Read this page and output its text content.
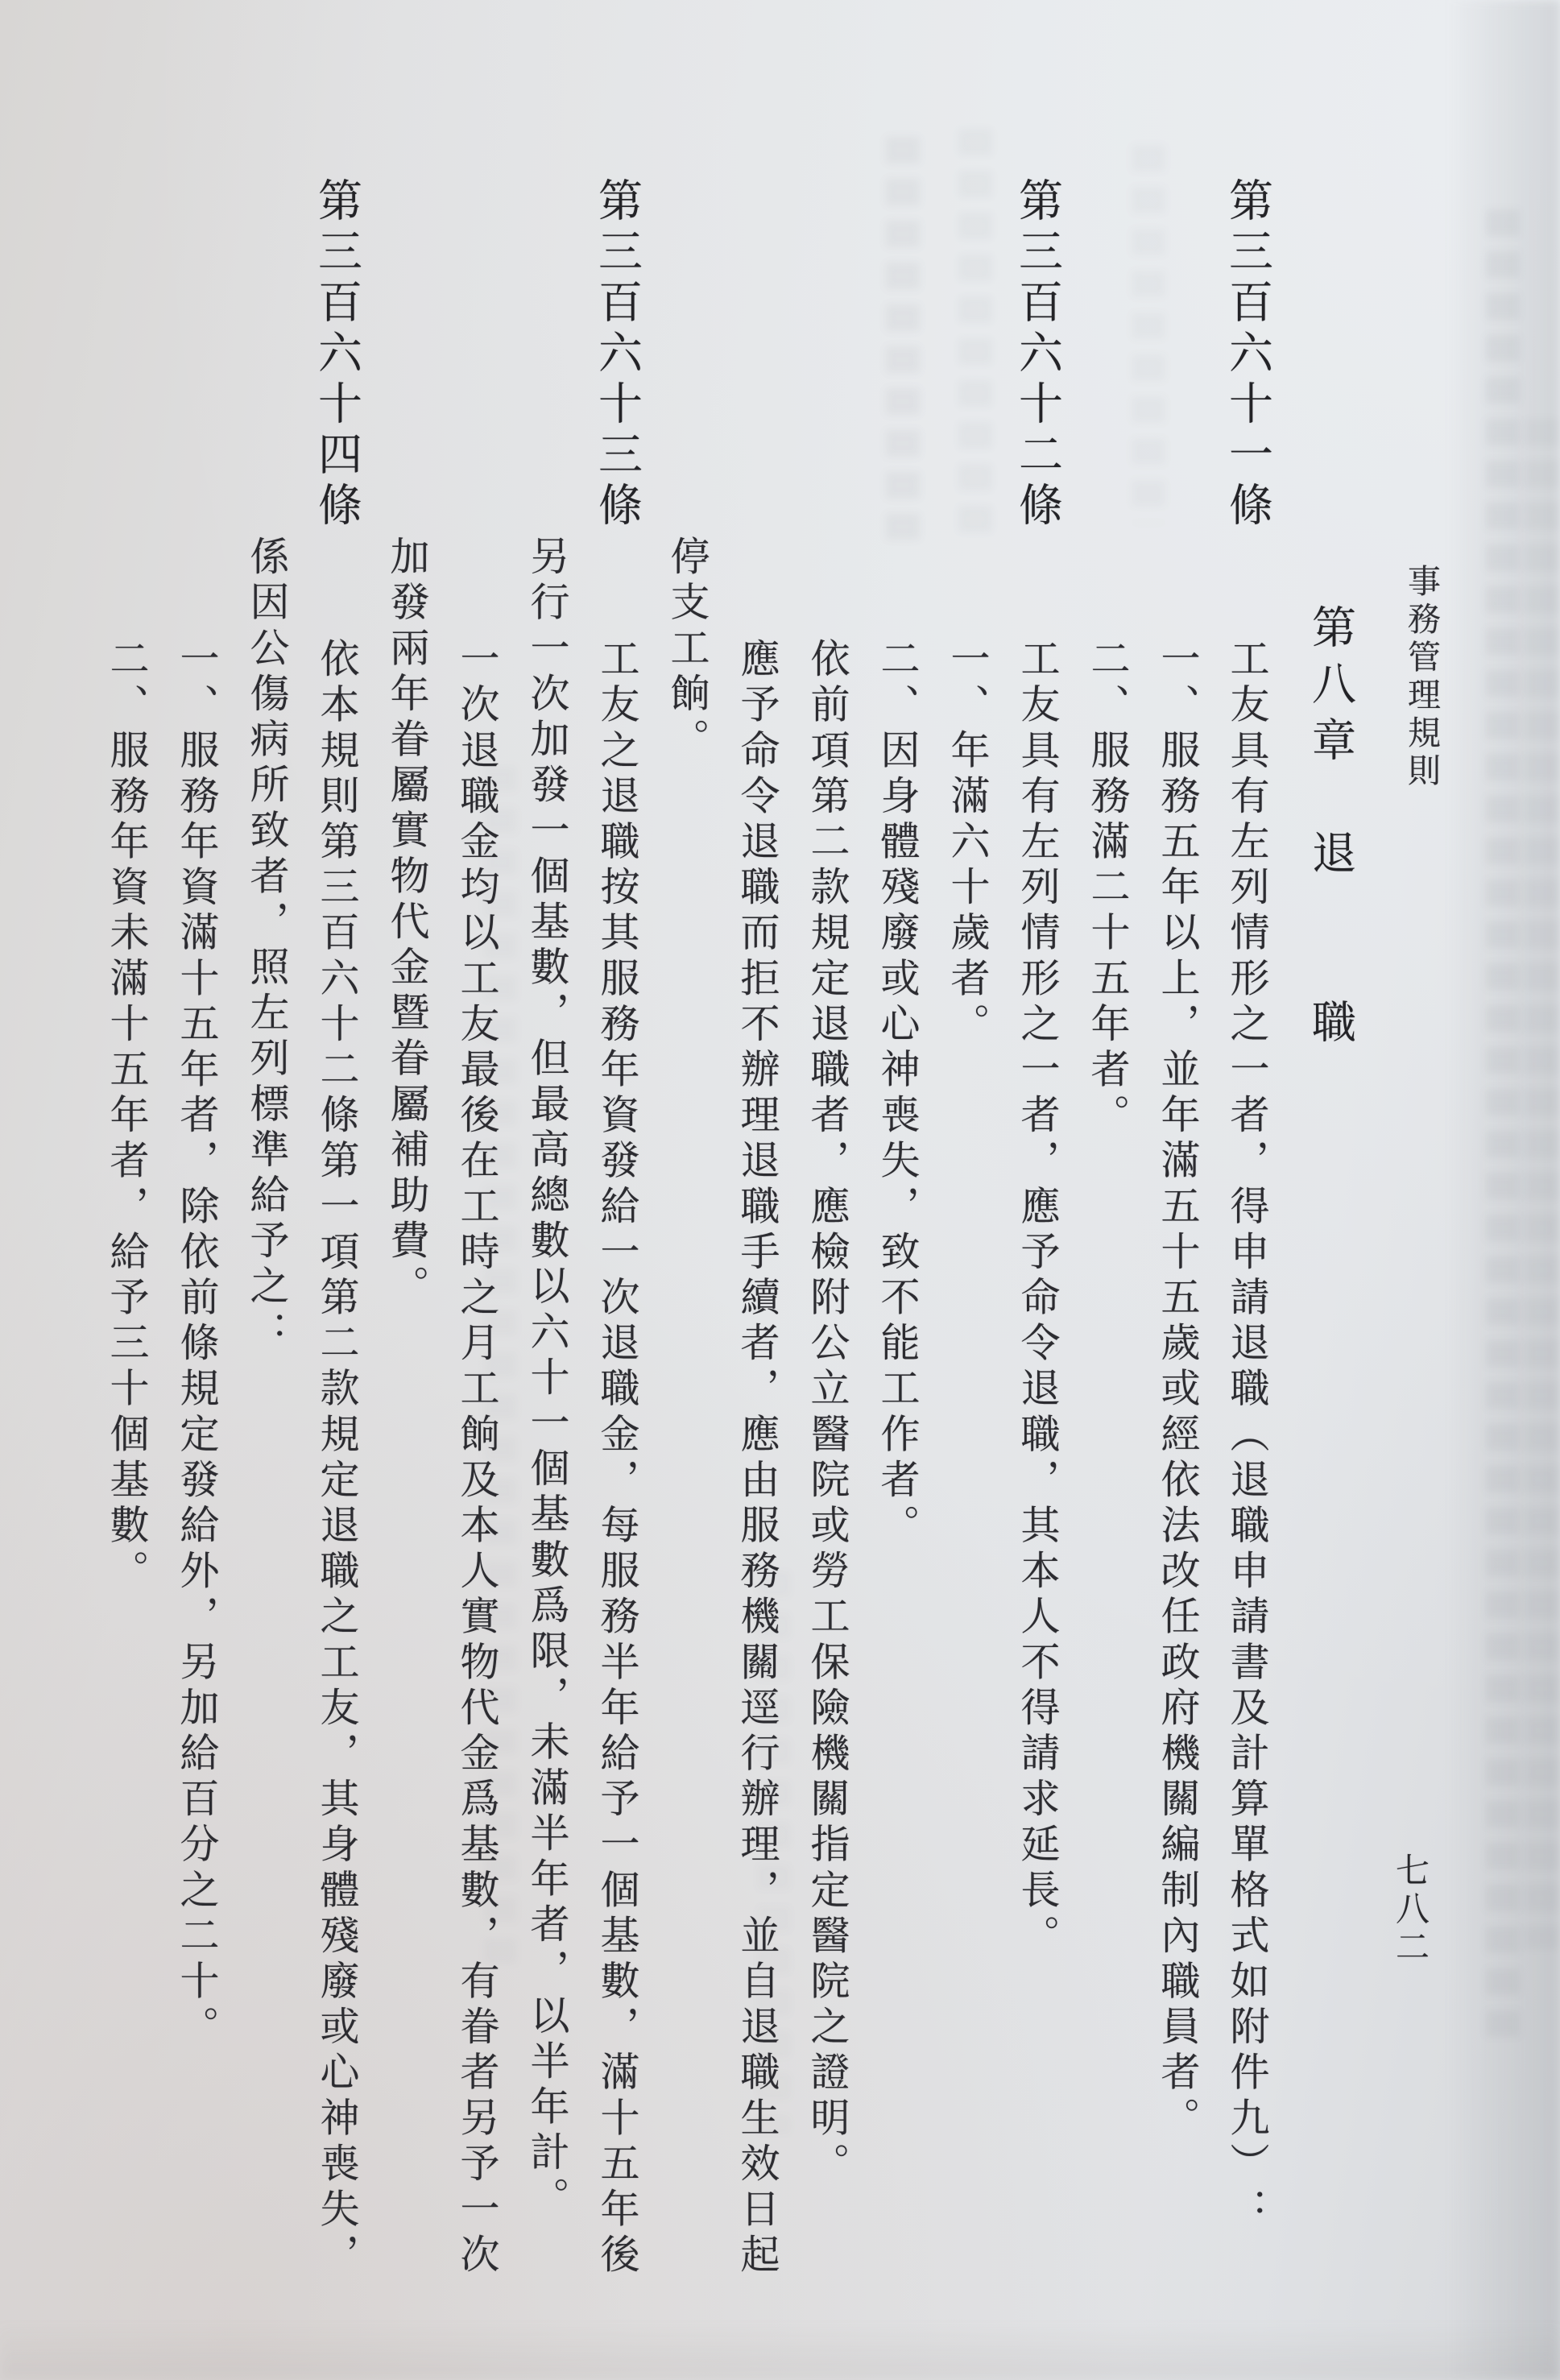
事務管理規則
第八章　退　　職
第三百六十一條
工友具有左列情形之一者，得申請退職（退職申請書及計算單格式如附件九）：
一、服務五年以上，並年滿五十五歲或經依法改任政府機關編制內職員者。
二、服務滿二十五年者。
第三百六十二條
工友具有左列情形之一者，應予命令退職，其本人不得請求延長。
一、年滿六十歲者。
二、因身體殘廢或心神喪失，致不能工作者。
依前項第二款規定退職者，應檢附公立醫院或勞工保險機關指定醫院之證明。
應予命令退職而拒不辦理退職手續者，應由服務機關逕行辦理，並自退職生效日起
停支工餉。
第三百六十三條
工友之退職按其服務年資發給一次退職金，每服務半年給予一個基數，滿十五年後
另行一次加發一個基數，但最高總數以六十一個基數爲限，未滿半年者，以半年計。
一次退職金均以工友最後在工時之月工餉及本人實物代金爲基數，有眷者另予一次
加發兩年眷屬實物代金暨眷屬補助費。
第三百六十四條
依本規則第三百六十二條第一項第二款規定退職之工友，其身體殘廢或心神喪失，
係因公傷病所致者，照左列標準給予之：
一、服務年資滿十五年者，除依前條規定發給外，另加給百分之二十。
二、服務年資未滿十五年者，給予三十個基數。
七八二
